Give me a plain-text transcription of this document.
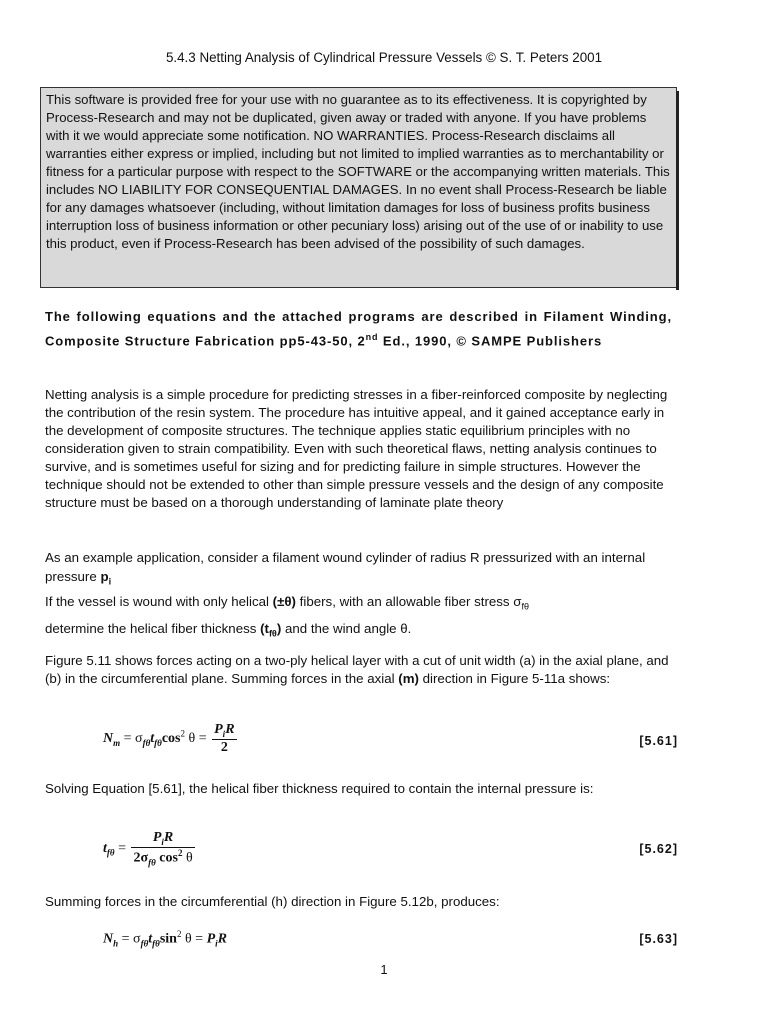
5.4.3 Netting Analysis of Cylindrical Pressure Vessels © S. T. Peters 2001
This software is provided free for your use with no guarantee as to its effectiveness. It is copyrighted by Process-Research and may not be duplicated, given away or traded with anyone. If you have problems with it we would appreciate some notification. NO WARRANTIES. Process-Research disclaims all warranties either express or implied, including but not limited to implied warranties as to merchantability or fitness for a particular purpose with respect to the SOFTWARE or the accompanying written materials. This includes NO LIABILITY FOR CONSEQUENTIAL DAMAGES. In no event shall Process-Research be liable for any damages whatsoever (including, without limitation damages for loss of business profits business interruption loss of business information or other pecuniary loss) arising out of the use of or inability to use this product, even if Process-Research has been advised of the possibility of such damages.
The following equations and the attached programs are described in Filament Winding, Composite Structure Fabrication pp5-43-50, 2nd Ed., 1990, © SAMPE Publishers
Netting analysis is a simple procedure for predicting stresses in a fiber-reinforced composite by neglecting the contribution of the resin system. The procedure has intuitive appeal, and it gained acceptance early in the development of composite structures. The technique applies static equilibrium principles with no consideration given to strain compatibility. Even with such theoretical flaws, netting analysis continues to survive, and is sometimes useful for sizing and for predicting failure in simple structures. However the technique should not be extended to other than simple pressure vessels and the design of any composite structure must be based on a thorough understanding of laminate plate theory
As an example application, consider a filament wound cylinder of radius R pressurized with an internal pressure $p_i$
If the vessel is wound with only helical (±θ) fibers, with an allowable fiber stress $\sigma_{f\theta}$
determine the helical fiber thickness $(t_{f\theta})$ and the wind angle θ.
Figure 5.11 shows forces acting on a two-ply helical layer with a cut of unit width (a) in the axial plane, and (b) in the circumferential plane. Summing forces in the axial (m) direction in Figure 5-11a shows:
$N_m = \sigma_{f\theta}t_{f\theta}\cos^2$ $\theta = \frac{P_iR}{2}$	[5.61]
Solving Equation [5.61], the helical fiber thickness required to contain the internal pressure is:
$t_{f\theta} = \frac{P_iR}{2\sigma_{f\theta} \cos^2 \theta}$	[5.62]
Summing forces in the circumferential (h) direction in Figure 5.12b, produces:
$N_h = \sigma_{f\theta}t_{f\theta}\sin^2$ $\theta = P_iR$	[5.63]
1
